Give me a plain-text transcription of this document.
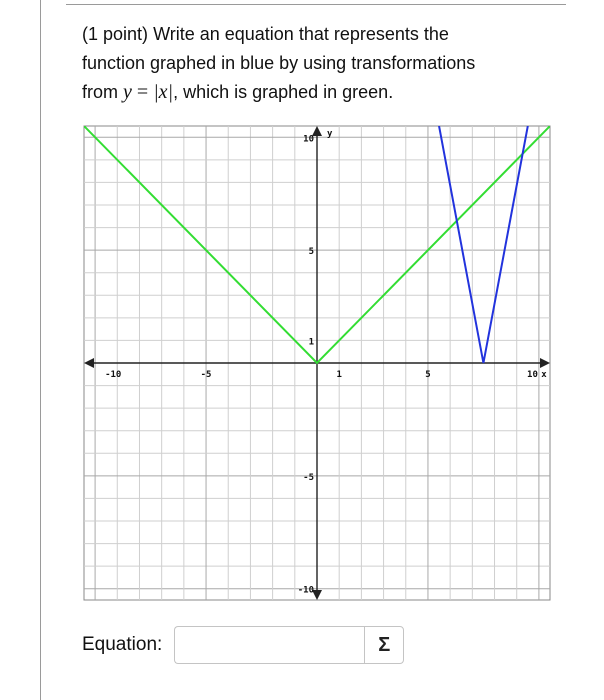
(1 point) Write an equation that represents the
function graphed in blue by using transformations
from y = |x|, which is graphed in green.
-10	-5	1	5	10
10
5
1
-5
-10
x
y
Equation:	Σ
